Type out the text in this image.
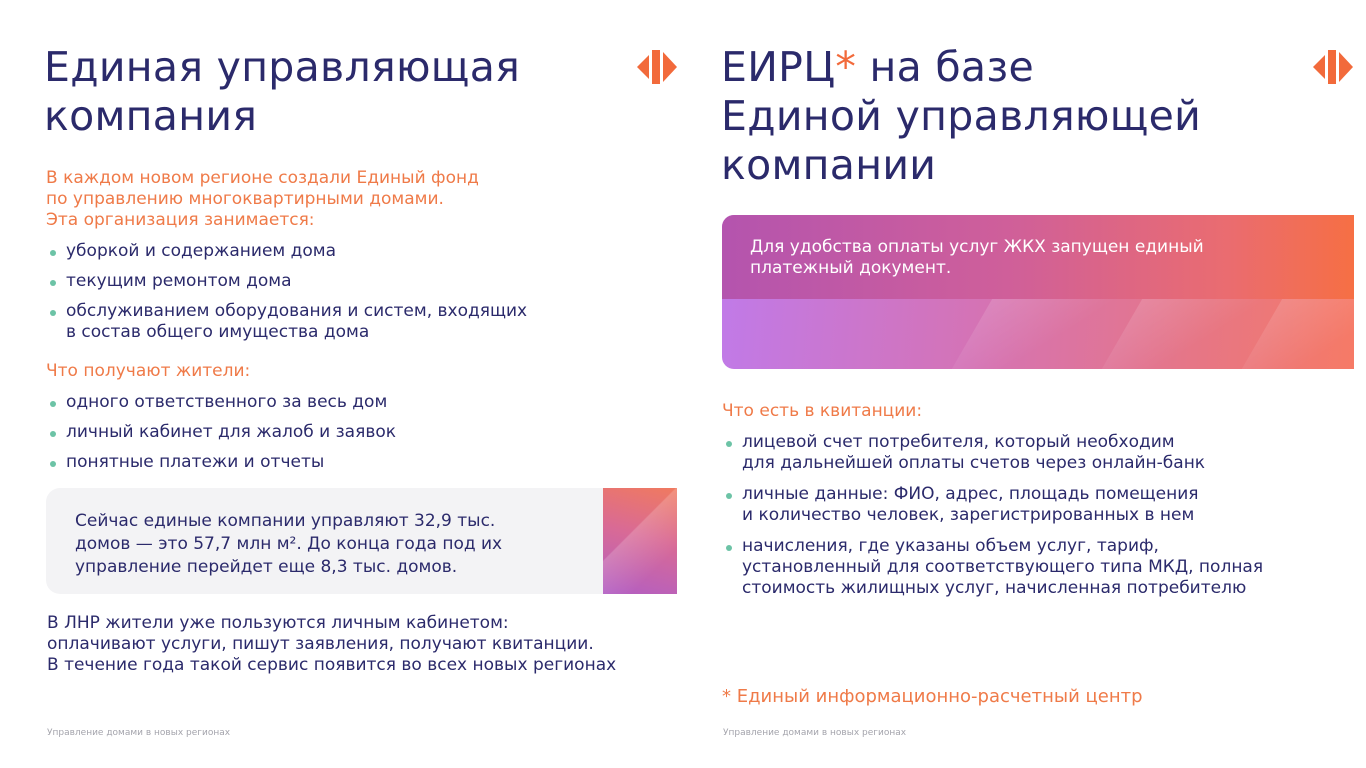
Единая управляющая
компания

В каждом новом регионе создали Единый фонд
по управлению многоквартирными домами.
Эта организация занимается:

уборкой и содержанием дома
текущим ремонтом дома
обслуживанием оборудования и систем, входящих
в состав общего имущества дома

Что получают жители:

одного ответственного за весь дом
личный кабинет для жалоб и заявок
понятные платежи и отчеты

Сейчас единые компании управляют 32,9 тыс.
домов — это 57,7 млн м². До конца года под их
управление перейдет еще 8,3 тыс. домов.

В ЛНР жители уже пользуются личным кабинетом:
оплачивают услуги, пишут заявления, получают квитанции.
В течение года такой сервис появится во всех новых регионах

Управление домами в новых регионах

ЕИРЦ* на базе
Единой управляющей
компании

Для удобства оплаты услуг ЖКХ запущен единый
платежный документ.

Что есть в квитанции:

лицевой счет потребителя, который необходим
для дальнейшей оплаты счетов через онлайн-банк
личные данные: ФИО, адрес, площадь помещения
и количество человек, зарегистрированных в нем
начисления, где указаны объем услуг, тариф,
установленный для соответствующего типа МКД, полная
стоимость жилищных услуг, начисленная потребителю

* Единый информационно-расчетный центр

Управление домами в новых регионах
